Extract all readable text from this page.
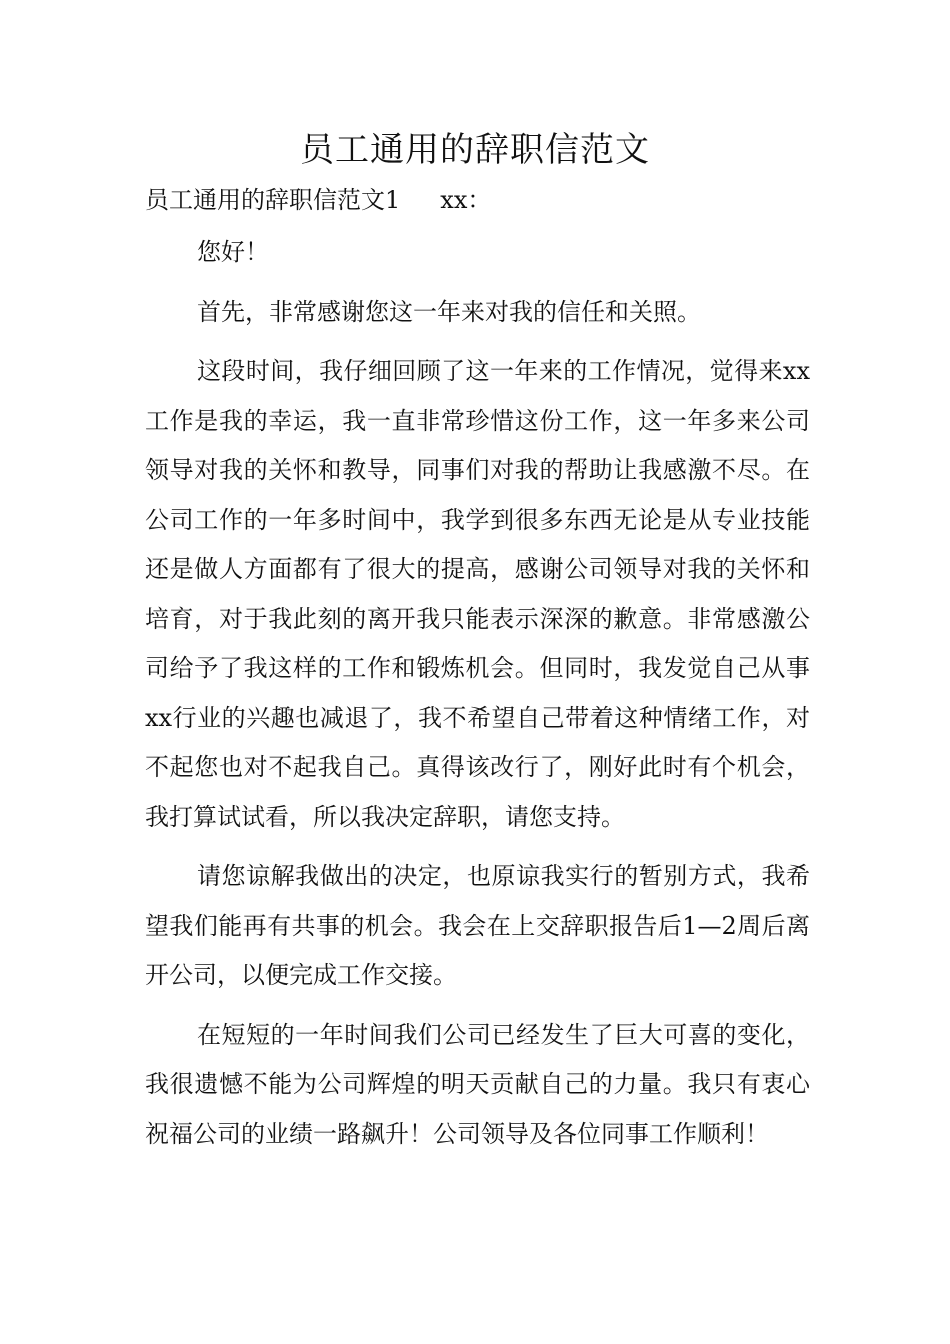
员工通用的辞职信范文
员工通用的辞职信范文1 xx：

您好！

首先，非常感谢您这一年来对我的信任和关照。

这段时间，我仔细回顾了这一年来的工作情况，觉得来xx工作是我的幸运，我一直非常珍惜这份工作，这一年多来公司领导对我的关怀和教导，同事们对我的帮助让我感激不尽。在公司工作的一年多时间中，我学到很多东西无论是从专业技能还是做人方面都有了很大的提高，感谢公司领导对我的关怀和培育，对于我此刻的离开我只能表示深深的歉意。非常感激公司给予了我这样的工作和锻炼机会。但同时，我发觉自己从事xx行业的兴趣也减退了，我不希望自己带着这种情绪工作，对不起您也对不起我自己。真得该改行了，刚好此时有个机会，我打算试试看，所以我决定辞职，请您支持。

请您谅解我做出的决定，也原谅我实行的暂别方式，我希望我们能再有共事的机会。我会在上交辞职报告后1—2周后离开公司，以便完成工作交接。

在短短的一年时间我们公司已经发生了巨大可喜的变化，我很遗憾不能为公司辉煌的明天贡献自己的力量。我只有衷心祝福公司的业绩一路飙升！公司领导及各位同事工作顺利！
